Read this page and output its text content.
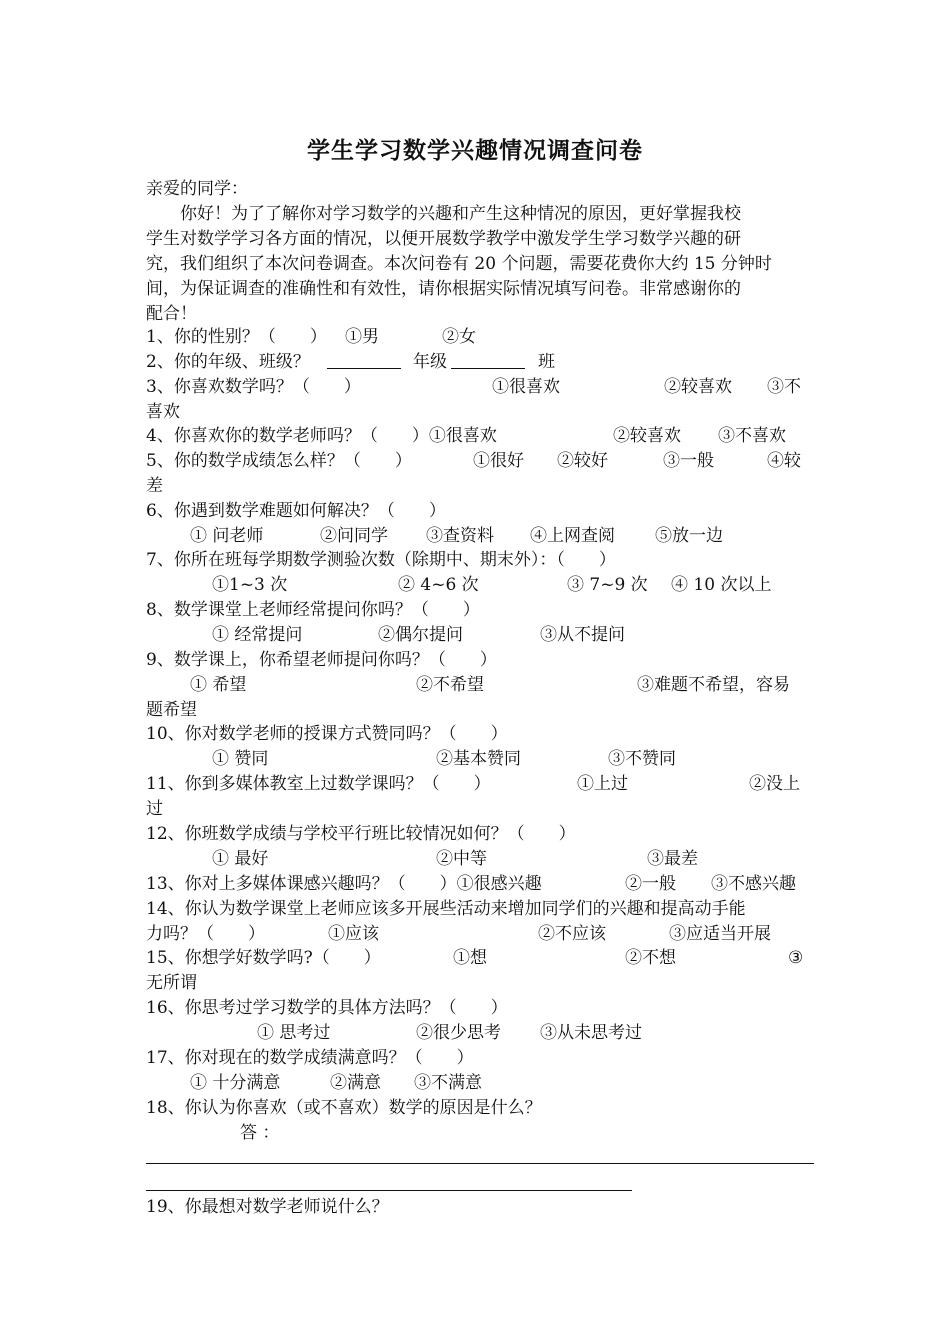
学生学习数学兴趣情况调查问卷
亲爱的同学：
你好！为了了解你对学习数学的兴趣和产生这种情况的原因，更好掌握我校
学生对数学学习各方面的情况，以便开展数学教学中激发学生学习数学兴趣的研
究，我们组织了本次问卷调查。本次问卷有 20 个问题，需要花费你大约 15 分钟时
间，为保证调查的准确性和有效性，请你根据实际情况填写问卷。非常感谢你的
配合！
1、你的性别？（　　） ①男	②女
2、你的年级、班级？	年级	班
3、你喜欢数学吗？（　　）	①很喜欢	②较喜欢 ③不
喜欢
4、你喜欢你的数学老师吗？（　　）①很喜欢	②较喜欢 ③不喜欢
5、你的数学成绩怎么样？（　　）	①很好 ②较好	③一般	④较
差
6、你遇到数学难题如何解决？（　　）
① 问老师	②问同学 ③查资料 ④上网查阅 ⑤放一边
7、你所在班每学期数学测验次数（除期中、期末外）：（　　）
①1~3 次	② 4~6 次	③ 7~9 次 ④ 10 次以上
8、数学课堂上老师经常提问你吗？（　　）
① 经常提问	②偶尔提问	③从不提问
9、数学课上，你希望老师提问你吗？（　　）
① 希望	②不希望	③难题不希望，容易
题希望
10、你对数学老师的授课方式赞同吗？（　　）
① 赞同	②基本赞同	③不赞同
11、你到多媒体教室上过数学课吗？（　　）	①上过	②没上
过
12、你班数学成绩与学校平行班比较情况如何？（　　）
① 最好	②中等	③最差
13、你对上多媒体课感兴趣吗？（　　）①很感兴趣	②一般 ③不感兴趣
14、你认为数学课堂上老师应该多开展些活动来增加同学们的兴趣和提高动手能
力吗？（　　）	①应该	②不应该	③应适当开展
15、你想学好数学吗?（　　）	①想	②不想	③
无所谓
16、你思考过学习数学的具体方法吗？（　　）
① 思考过	②很少思考 ③从未思考过
17、你对现在的数学成绩满意吗？（　　）
① 十分满意	②满意 ③不满意
18、你认为你喜欢（或不喜欢）数学的原因是什么？
答 ：
19、你最想对数学老师说什么？
